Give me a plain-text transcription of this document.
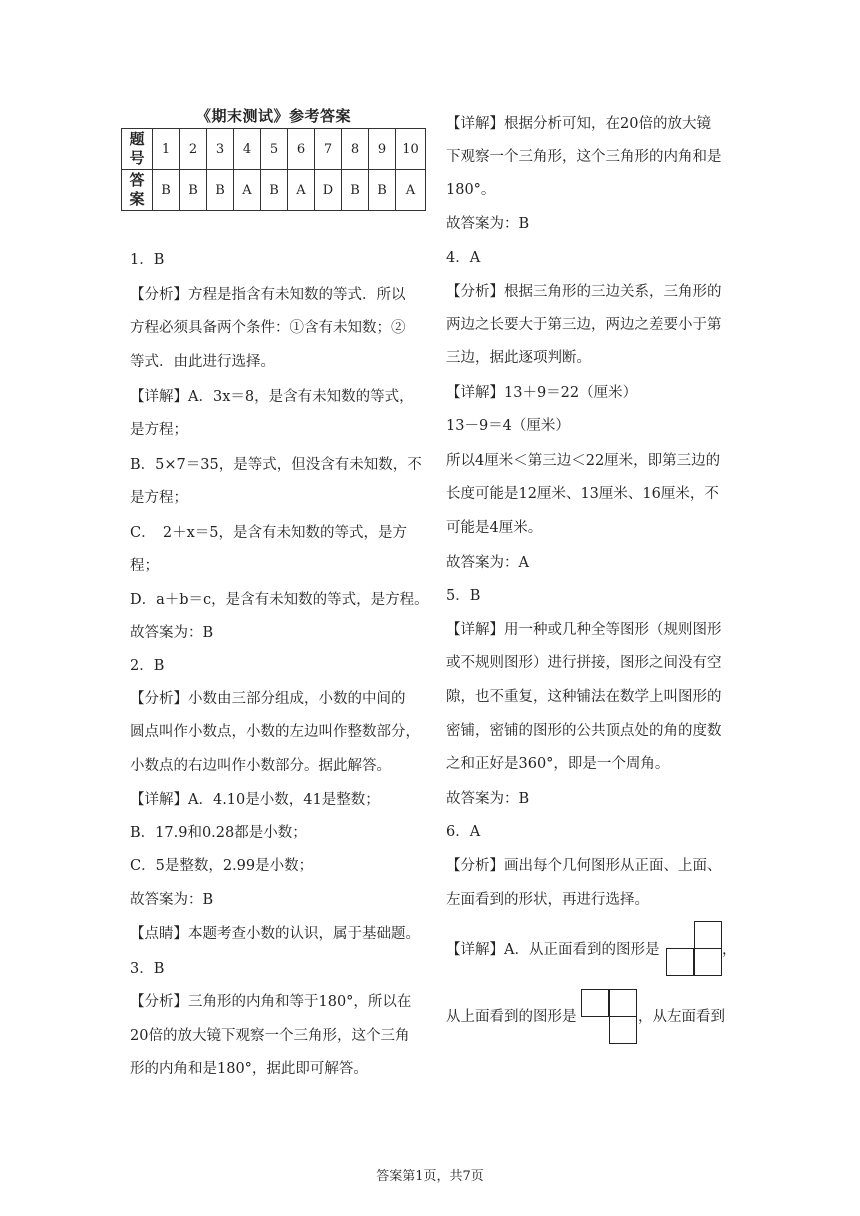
《期末测试》参考答案
题号	1	2	3	4	5	6	7	8	9	10
答案	B	B	B	A	B	A	D	B	B	A
1．B
【分析】方程是指含有未知数的等式．所以
方程必须具备两个条件：①含有未知数；②
等式．由此进行选择。
【详解】A．3x＝8，是含有未知数的等式，
是方程；
B．5×7＝35，是等式，但没含有未知数，不
是方程；
C．　2＋x＝5，是含有未知数的等式，是方
程；
D．a＋b＝c，是含有未知数的等式，是方程。
故答案为：B
2．B
【分析】小数由三部分组成，小数的中间的
圆点叫作小数点，小数的左边叫作整数部分，
小数点的右边叫作小数部分。据此解答。
【详解】A．4.10是小数，41是整数；
B．17.9和0.28都是小数；
C．5是整数，2.99是小数；
故答案为：B
【点睛】本题考查小数的认识，属于基础题。
3．B
【分析】三角形的内角和等于180°，所以在
20倍的放大镜下观察一个三角形，这个三角
形的内角和是180°，据此即可解答。
【详解】根据分析可知，在20倍的放大镜
下观察一个三角形，这个三角形的内角和是
180°。
故答案为：B
4．A
【分析】根据三角形的三边关系，三角形的
两边之长要大于第三边，两边之差要小于第
三边，据此逐项判断。
【详解】13＋9＝22（厘米）
13－9＝4（厘米）
所以4厘米＜第三边＜22厘米，即第三边的
长度可能是12厘米、13厘米、16厘米，不
可能是4厘米。
故答案为：A
5．B
【详解】用一种或几种全等图形（规则图形
或不规则图形）进行拼接，图形之间没有空
隙，也不重复，这种铺法在数学上叫图形的
密铺，密铺的图形的公共顶点处的角的度数
之和正好是360°，即是一个周角。
故答案为：B
6．A
【分析】画出每个几何图形从正面、上面、
左面看到的形状，再进行选择。
【详解】A．从正面看到的图形是	，
从上面看到的图形是	，从左面看到
答案第1页，共7页
